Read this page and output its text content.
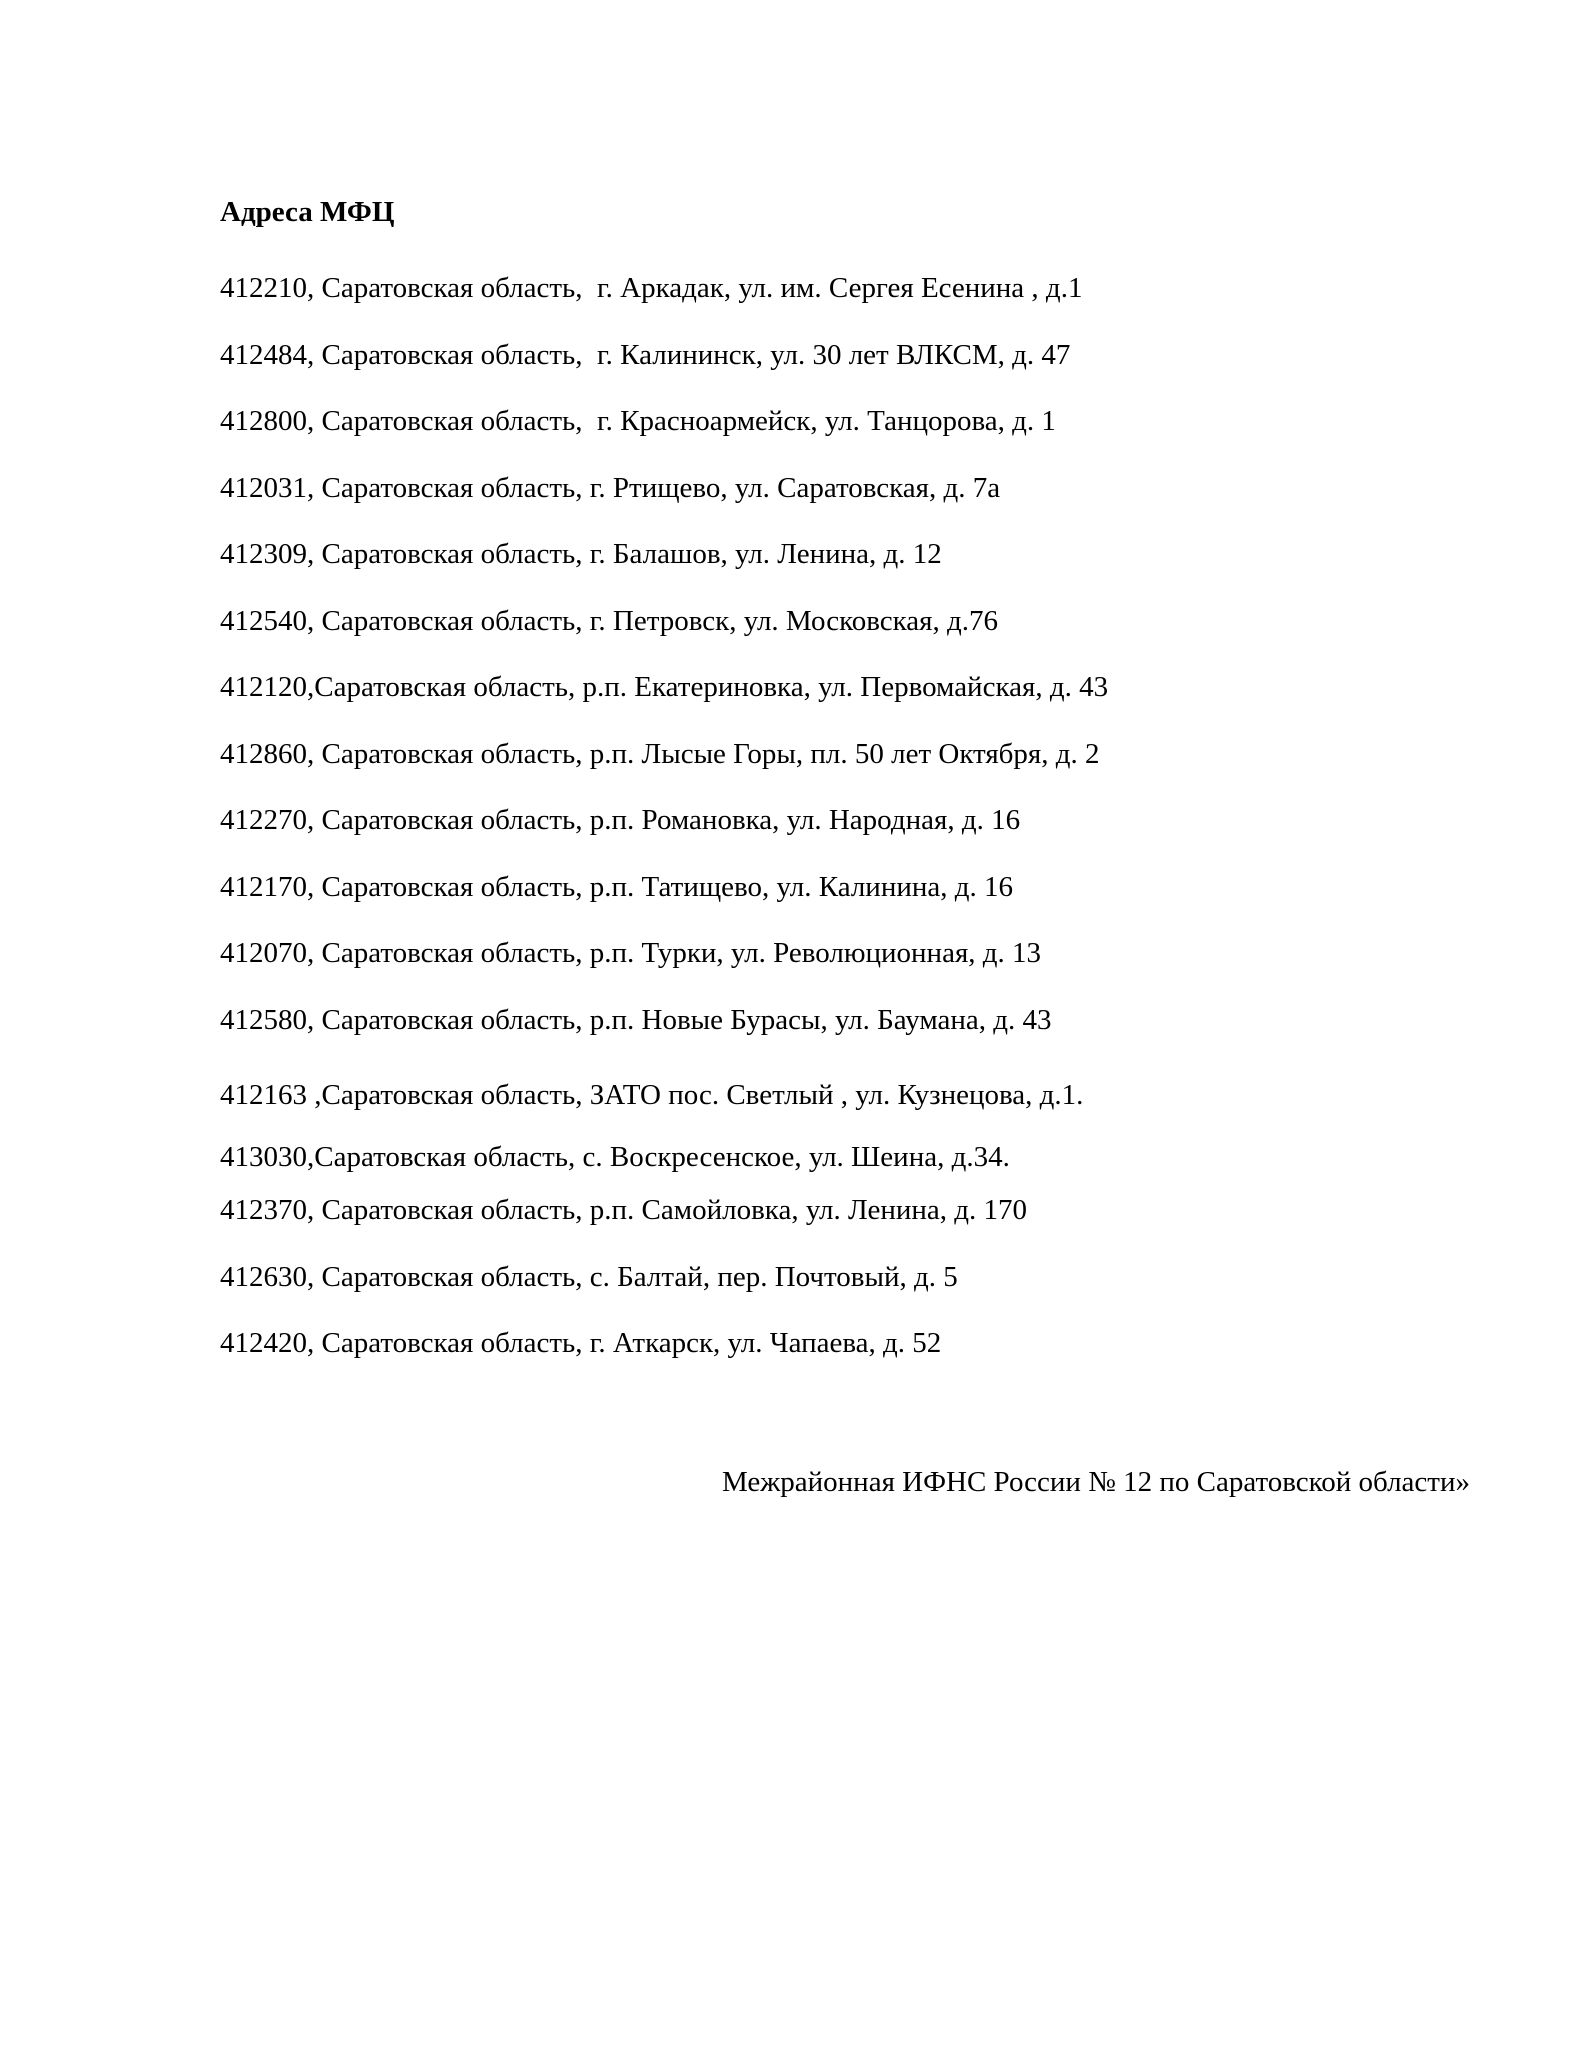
Адреса МФЦ
412210, Саратовская область,  г. Аркадак, ул. им. Сергея Есенина , д.1
412484, Саратовская область,  г. Калининск, ул. 30 лет ВЛКСМ, д. 47
412800, Саратовская область,  г. Красноармейск, ул. Танцорова, д. 1
412031, Саратовская область, г. Ртищево, ул. Саратовская, д. 7а
412309, Саратовская область, г. Балашов, ул. Ленина, д. 12
412540, Саратовская область, г. Петровск, ул. Московская, д.76
412120,Саратовская область, р.п. Екатериновка, ул. Первомайская, д. 43
412860, Саратовская область, р.п. Лысые Горы, пл. 50 лет Октября, д. 2
412270, Саратовская область, р.п. Романовка, ул. Народная, д. 16
412170, Саратовская область, р.п. Татищево, ул. Калинина, д. 16
412070, Саратовская область, р.п. Турки, ул. Революционная, д. 13
412580, Саратовская область, р.п. Новые Бурасы, ул. Баумана, д. 43
412163 ,Саратовская область, ЗАТО пос. Светлый , ул. Кузнецова, д.1.
413030,Саратовская область, с. Воскресенское, ул. Шеина, д.34.
412370, Саратовская область, р.п. Самойловка, ул. Ленина, д. 170
412630, Саратовская область, с. Балтай, пер. Почтовый, д. 5
412420, Саратовская область, г. Аткарск, ул. Чапаева, д. 52
Межрайонная ИФНС России № 12 по Саратовской области»
